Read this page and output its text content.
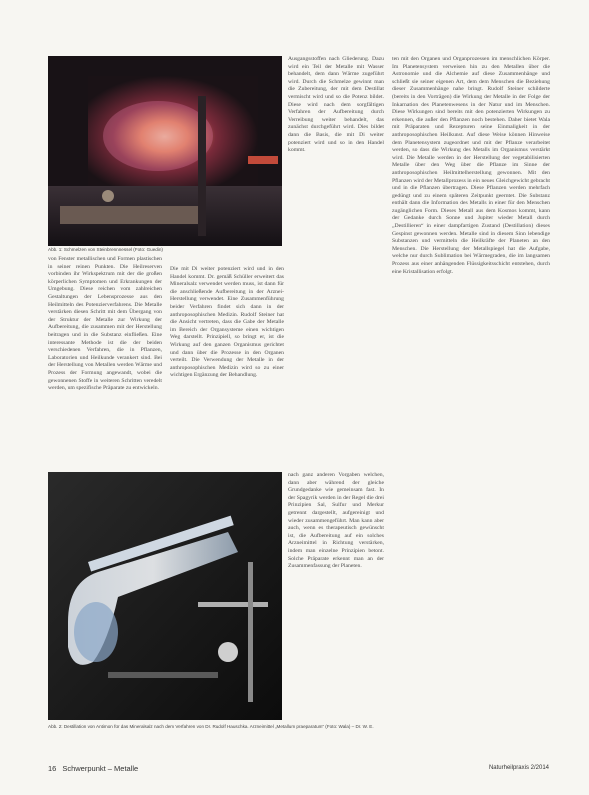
Abb. 1: Schmelzen von Steinbrennnessel (Foto: Guedin)

Ausgangsstoffen nach Gliederung. Dazu wird ein Teil der Metalle mit Wasser behandelt, dem dann Wärme zugeführt wird. Durch die Schmelze gewinnt man die Zubereitung, der mit dem Destillat vermischt wird und so die Potenz bildet. Diese wird nach dem sorgfältigen Verfahren der Aufbereitung durch Verreibung weiter behandelt, das zunächst durchgeführt wird. Dies bildet dann die Basis, die mit Di weiter potenziert wird und so in den Handel kommt.

von Fenster metallischen und Formen plastischen in seiner reinen Punkten. Die Heilreserven vorbinden ihr Wirkspektrum mit der die großen körperlichen Symptomen und Erkrankungen der Umgebung. Diese reichen vom zahlreichen Gestaltungen der Lebensprozesse aus den Heilmitteln des Potenzierverfahrens. Die Metalle verstärken diesen Schritt mit dem Übergang von der Struktur der Metalle zur Wirkung der Aufbereitung, die zusammen mit der Herstellung beitragen und in die Substanz einfließen. Eine interessante Methode ist die der beiden verschiedenen Verfahren, die in Pflanzen, Laboratorien und Heilkunde verankert sind. Bei der Herstellung von Metallen werden Wärme und Prozess der Formung angewandt, wobei die gewonnenen Stoffe in weiteren Schritten veredelt werden, um spezifische Präparate zu entwickeln.

Die mit Di weiter potenziert wird und in den Handel kommt. Dr. gemäß Schüller erweitert das Mineralsalz verwendet werden muss, ist dann für die anschließende Aufbereitung in der Arznei-Herstellung verwendet. Eine Zusammenführung beider Verfahren findet sich dann in der anthroposophischen Medizin. Rudolf Steiner hat die Ansicht vertreten, dass die Gabe der Metalle im Bereich der Organsysteme einen wichtigen Weg darstellt. Prinzipiell, so bringt er, ist die Wirkung auf den ganzen Organismus gerichtet und dann über die Prozesse in den Organen verteilt. Die Verwendung der Metalle in der anthroposophischen Medizin wird so zu einer wichtigen Ergänzung der Behandlung.

nach ganz anderen Vorgaben welchen, dann aber während der gleiche Grundgedanke wie gemeinsam fast. In der Spagyrik werden in der Regel die drei Prinzipien Sal, Sulfur und Merkur getrennt dargestellt, aufgereinigt und wieder zusammengeführt. Man kann aber auch, wenn es therapeutisch gewünscht ist, die Aufbereitung auf ein solches Arzneimittel in Richtung verstärken, indem man einzelne Prinzipien betont. Solche Präparate erkennt man an der Zusammenfassung der Planeten.

Abb. 2: Destillation von Antimon für das Mineralsalz nach dem Verfahren von Dr. Rudolf Hauschka. Arzneimittel „Metallum praeparatum“ (Foto: Wala) – Dr. W. E.

ten mit den Organen und Organprozessen im menschlichen Körper. Im Planetensystem verweisen hin zu den Metallen über die Astronomie und die Alchemie auf diese Zusammenhänge und schließt sie seiner eigenen Art, dem dem Menschen die Beziehung dieser Zusammenhänge nahe bringt. Rudolf Steiner schilderte (bereits in den Vorträgen) die Wirkung der Metalle in der Folge der Inkarnation des Planetenwesens in der Natur und im Menschen. Diese Wirkungen sind bereits mit den potenzierten Wirkungen zu erkennen, die außer den Pflanzen noch bestehen. Daher bietet Wala mit Präparaten und Rezepturen seine Einmaligkeit in der anthroposophischen Heilkunst. Auf diese Weise können Hinweise dem Planetensystem zugeordnet und mit der Pflanze verarbeitet werden, so dass die Wirkung des Metalls im Organismus verstärkt wird. Die Metalle werden in der Herstellung der vegetabilisierten Metalle über den Weg über die Pflanze im Sinne der anthroposophischen Heilmittelherstellung gewonnen. Mit den Pflanzen wird der Metallprozess in ein neues Gleichgewicht gebracht und in die Pflanzen übertragen. Diese Pflanzen werden mehrfach gedüngt und zu einem späteren Zeitpunkt geerntet. Die Substanz enthält dann die Information des Metalls in einer für den Menschen zugänglichen Form. Dieses Metall aus dem Kosmos kommt, kann der Gedanke durch Sonne und Jupiter wieder Metall durch „Destillieren“ in einer dampfartigen Zustand (Destillation) dieses Gespinst gewonnen werden. Metalle sind in diesem Sinn lebendige Substanzen und vermitteln die Heilkräfte der Planeten an den Menschen. Die Herstellung der Metallspiegel hat die Aufgabe, welche nur durch Sublimation bei Wärmegraden, die im langsamen Prozess aus einer anhängenden Flüssigkeitsschicht entstehen, durch eine Kristallisation erfolgt.

16 Schwerpunkt – Metalle	Naturheilpraxis 2/2014
